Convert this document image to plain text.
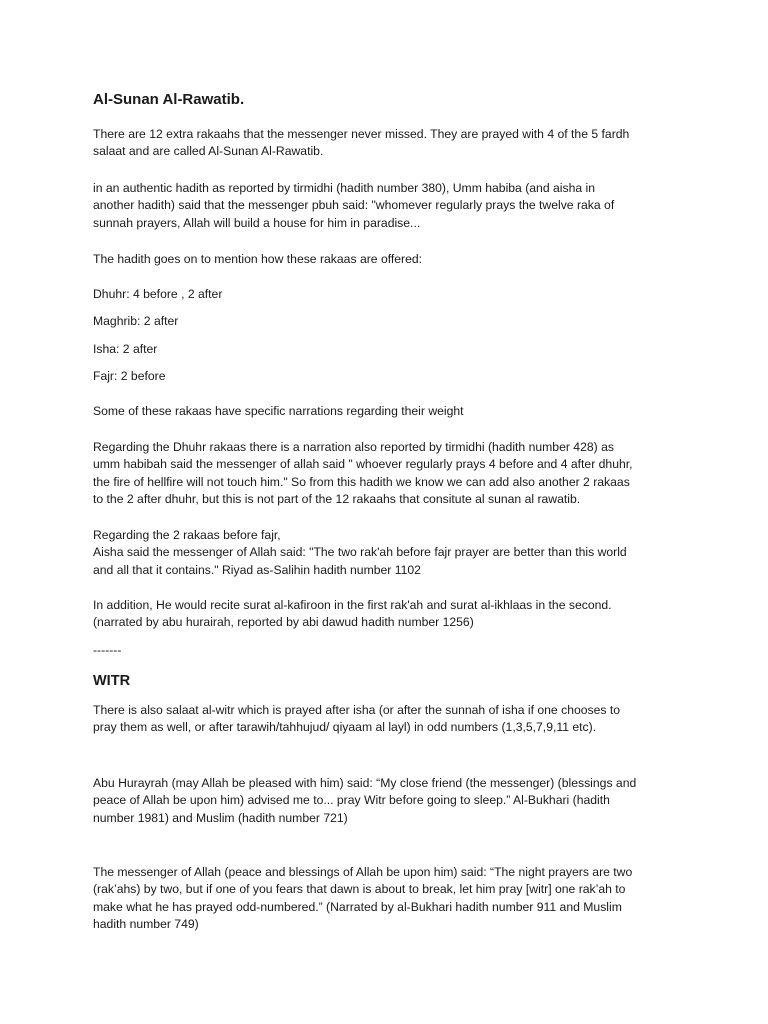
Al-Sunan Al-Rawatib.

There are 12 extra rakaahs that the messenger never missed. They are prayed with 4 of the 5 fardh
salaat and are called Al-Sunan Al-Rawatib.

in an authentic hadith as reported by tirmidhi (hadith number 380), Umm habiba (and aisha in
another hadith) said that the messenger pbuh said: "whomever regularly prays the twelve raka of
sunnah prayers, Allah will build a house for him in paradise...

The hadith goes on to mention how these rakaas are offered:

Dhuhr: 4 before , 2 after

Maghrib: 2 after

Isha: 2 after

Fajr: 2 before

Some of these rakaas have specific narrations regarding their weight

Regarding the Dhuhr rakaas there is a narration also reported by tirmidhi (hadith number 428) as
umm habibah said the messenger of allah said " whoever regularly prays 4 before and 4 after dhuhr,
the fire of hellfire will not touch him." So from this hadith we know we can add also another 2 rakaas
to the 2 after dhuhr, but this is not part of the 12 rakaahs that consitute al sunan al rawatib.

Regarding the 2 rakaas before fajr,
Aisha said the messenger of Allah said: "The two rak'ah before fajr prayer are better than this world
and all that it contains." Riyad as-Salihin hadith number 1102

In addition, He would recite surat al-kafiroon in the first rak'ah and surat al-ikhlaas in the second.
(narrated by abu hurairah, reported by abi dawud hadith number 1256)

-------

WITR

There is also salaat al-witr which is prayed after isha (or after the sunnah of isha if one chooses to
pray them as well, or after tarawih/tahhujud/ qiyaam al layl) in odd numbers (1,3,5,7,9,11 etc).

Abu Hurayrah (may Allah be pleased with him) said: “My close friend (the messenger) (blessings and
peace of Allah be upon him) advised me to... pray Witr before going to sleep.” Al-Bukhari (hadith
number 1981) and Muslim (hadith number 721)

The messenger of Allah (peace and blessings of Allah be upon him) said: “The night prayers are two
(rak’ahs) by two, but if one of you fears that dawn is about to break, let him pray [witr] one rak’ah to
make what he has prayed odd-numbered.” (Narrated by al-Bukhari hadith number 911 and Muslim
hadith number 749)
